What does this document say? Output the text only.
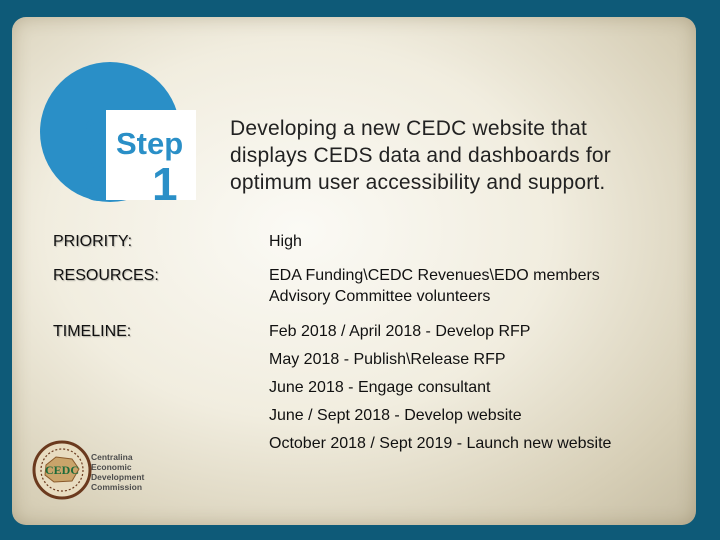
Step
1
Developing a new CEDC website that
displays CEDS data and dashboards for
optimum user accessibility and support.
PRIORITY:	High
RESOURCES:	EDA Funding\CEDC Revenues\EDO members
Advisory Committee volunteers
TIMELINE:	Feb 2018 / April 2018 - Develop RFP
May 2018 - Publish\Release RFP
June 2018 - Engage consultant
June / Sept 2018 - Develop website
October 2018 / Sept 2019 - Launch new website
CEDC
Centralina
Economic
Development
Commission
